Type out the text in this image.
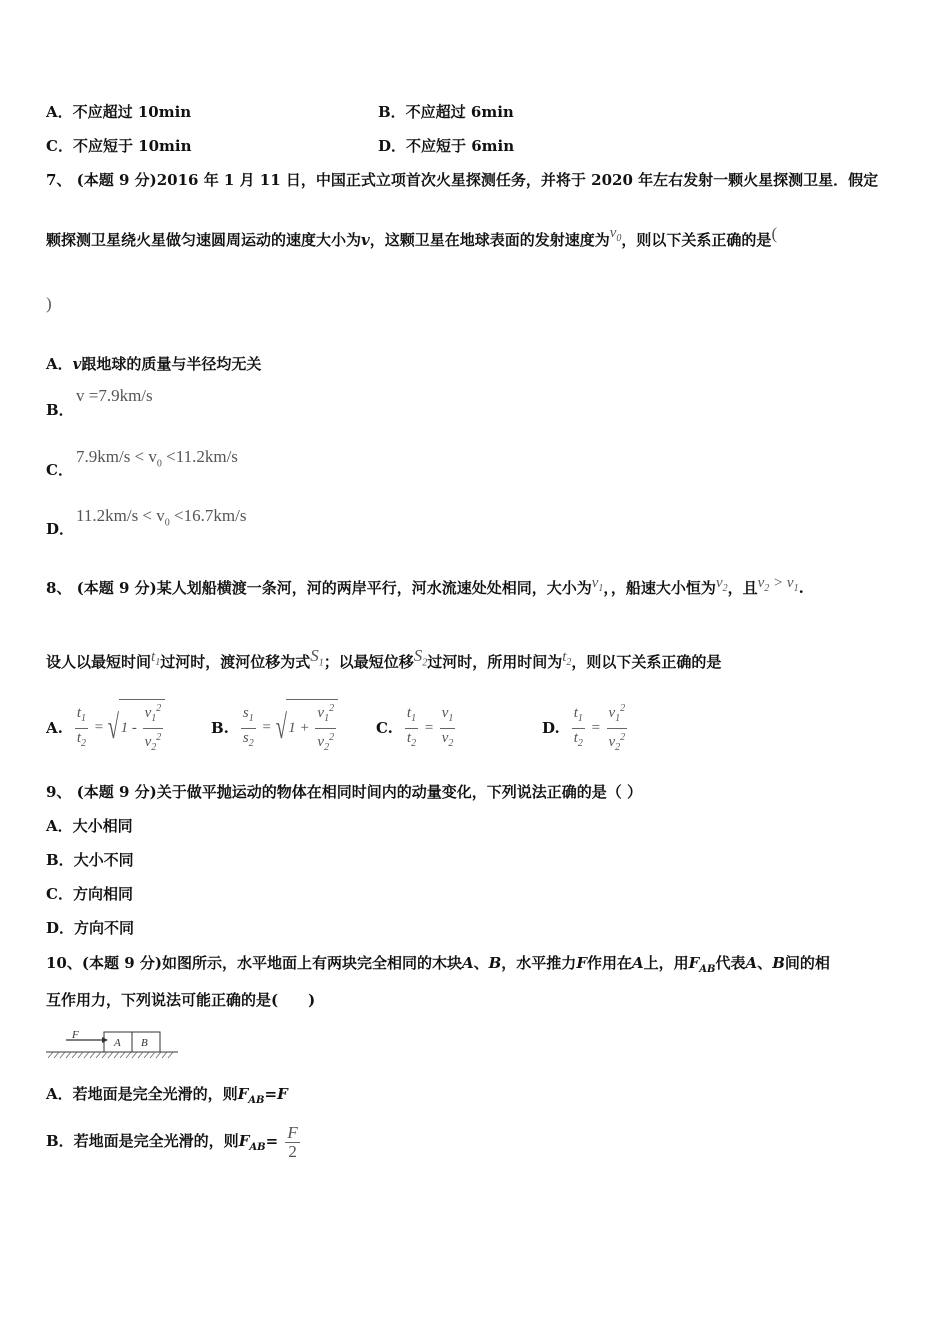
A．不应超过 10min	B．不应超过 6min
C．不应短于 10min	D．不应短于 6min
7、 (本题 9 分)2016 年 1 月 11 日，中国正式立项首次火星探测任务，并将于 2020 年左右发射一颗火星探测卫星．假定
颗探测卫星绕火星做匀速圆周运动的速度大小为v，这颗卫星在地球表面的发射速度为$v_0$，则以下关系正确的是(
)
A．v跟地球的质量与半径均无关
B．
v =7.9km/s
C．
$7.9km/s < v_0 <11.2km/s$
D．
$11.2km/s < v_0 <16.7km/s$
8、 (本题 9 分)某人划船横渡一条河，河的两岸平行，河水流速处处相同，大小为$v_1$，，船速大小恒为$v_2$，且$v_2 > v_1$.
设人以最短时间$t_1$过河时，渡河位移为式$S_1$；以最短位移$S_2$过河时，所用时间为$t_2$，则以下关系正确的是
A. $\frac{t_1}{t_2}$ = √ $1 - \frac{v_1^2}{v_2^2}$	B. $\frac{s_1}{s_2}$ = √ $1 + \frac{v_1^2}{v_2^2}$	C. $\frac{t_1}{t_2} = \frac{v_1}{v_2}$	D. $\frac{t_1}{t_2} = \frac{v_1^2}{v_2^2}$
9、 (本题 9 分)关于做平抛运动的物体在相同时间内的动量变化，下列说法正确的是（ ）
A．大小相同
B．大小不同
C．方向相同
D．方向不同
10、(本题 9 分)如图所示，水平地面上有两块完全相同的木块A、B，水平推力F作用在A上，用$F_{AB}$代表A、B间的相
互作用力，下列说法可能正确的是(　　)
F
A B
A．若地面是完全光滑的，则$F_{AB}=F$
B．若地面是完全光滑的，则$F_{AB}= \frac{F}{2}$
